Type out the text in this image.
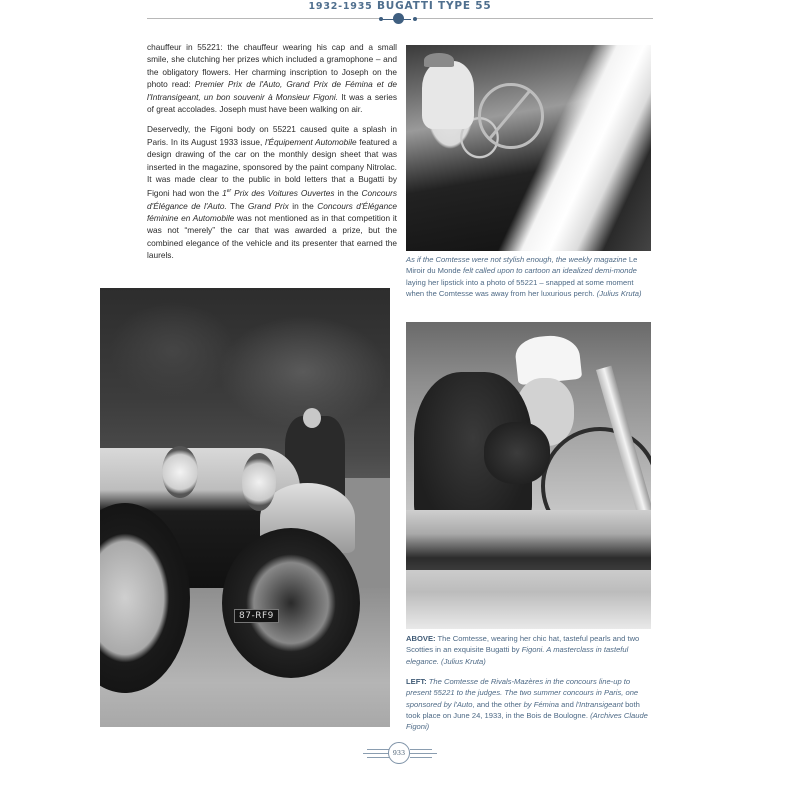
1932-1935 BUGATTI TYPE 55

chauffeur in 55221: the chauffeur wearing his cap and a small smile, she clutching her prizes which included a gramophone – and the obligatory flowers. Her charming inscription to Joseph on the photo read: Premier Prix de l'Auto, Grand Prix de Fémina et de l'Intransigeant, un bon souvenir à Monsieur Figoni. It was a series of great accolades. Joseph must have been walking on air.

Deservedly, the Figoni body on 55221 caused quite a splash in Paris. In its August 1933 issue, l'Équipement Automobile featured a design drawing of the car on the monthly design sheet that was inserted in the magazine, sponsored by the paint company Nitrolac. It was made clear to the public in bold letters that a Bugatti by Figoni had won the 1er Prix des Voitures Ouvertes in the Concours d'Élégance de l'Auto. The Grand Prix in the Concours d'Élégance féminine en Automobile was not mentioned as in that competition it was not “merely” the car that was awarded a prize, but the combined elegance of the vehicle and its presenter that earned the laurels.	As if the Comtesse were not stylish enough, the weekly magazine Le Miroir du Monde felt called upon to cartoon an idealized demi-monde laying her lipstick into a photo of 55221 – snapped at some moment when the Comtesse was away from her luxurious perch. (Julius Kruta)
87-RF9
ABOVE: The Comtesse, wearing her chic hat, tasteful pearls and two Scotties in an exquisite Bugatti by Figoni. A masterclass in tasteful elegance. (Julius Kruta)
LEFT: The Comtesse de Rivals-Mazères in the concours line-up to present 55221 to the judges. The two summer concours in Paris, one sponsored by l'Auto, and the other by Fémina and l'Intransigeant both took place on June 24, 1933, in the Bois de Boulogne. (Archives Claude Figoni)
933
